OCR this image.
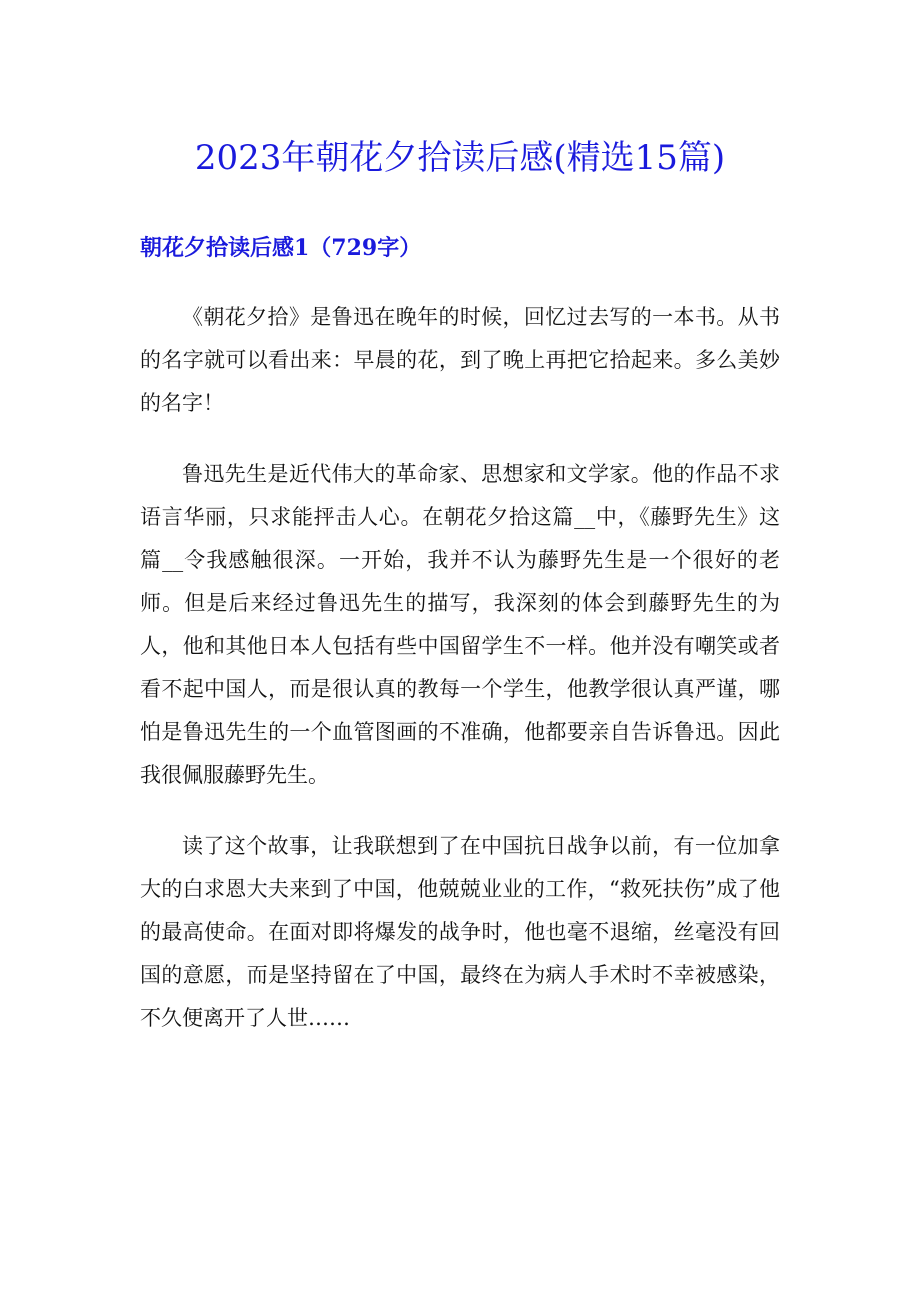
2023年朝花夕拾读后感(精选15篇)
朝花夕拾读后感1（729字）

《朝花夕拾》是鲁迅在晚年的时候，回忆过去写的一本书。从书的名字就可以看出来：早晨的花，到了晚上再把它拾起来。多么美妙的名字！

鲁迅先生是近代伟大的革命家、思想家和文学家。他的作品不求语言华丽，只求能抨击人心。在朝花夕拾这篇__中，《藤野先生》这篇__令我感触很深。一开始，我并不认为藤野先生是一个很好的老师。但是后来经过鲁迅先生的描写，我深刻的体会到藤野先生的为人，他和其他日本人包括有些中国留学生不一样。他并没有嘲笑或者看不起中国人，而是很认真的教每一个学生，他教学很认真严谨，哪怕是鲁迅先生的一个血管图画的不准确，他都要亲自告诉鲁迅。因此我很佩服藤野先生。

读了这个故事，让我联想到了在中国抗日战争以前，有一位加拿大的白求恩大夫来到了中国，他兢兢业业的工作，“救死扶伤”成了他的最高使命。在面对即将爆发的战争时，他也毫不退缩，丝毫没有回国的意愿，而是坚持留在了中国，最终在为病人手术时不幸被感染，不久便离开了人世……
